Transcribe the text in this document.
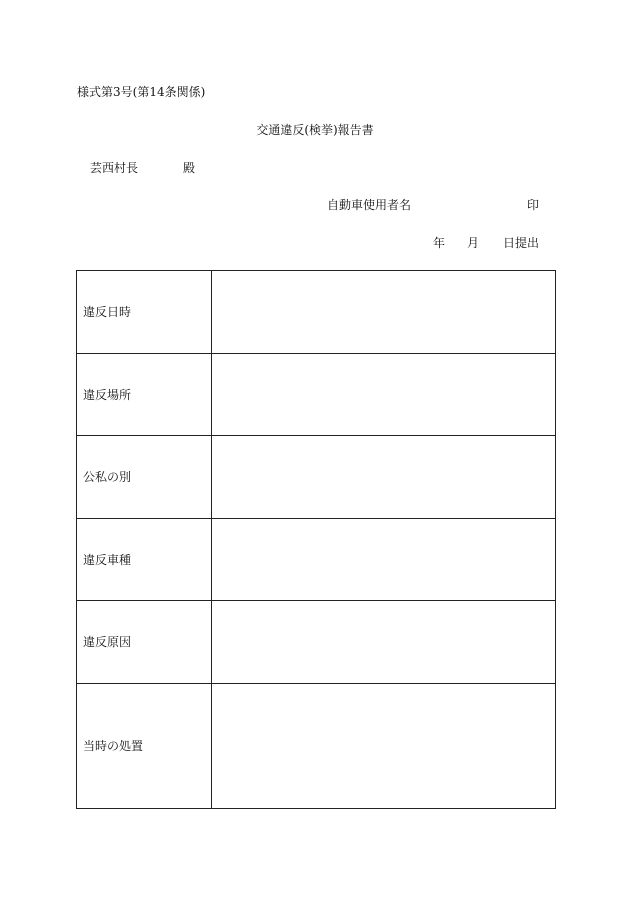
様式第3号(第14条関係)
交通違反(検挙)報告書
芸西村長	殿
自動車使用者名	印
年 月 日提出
違反日時	
違反場所	
公私の別	
違反車種	
違反原因	
当時の処置	
